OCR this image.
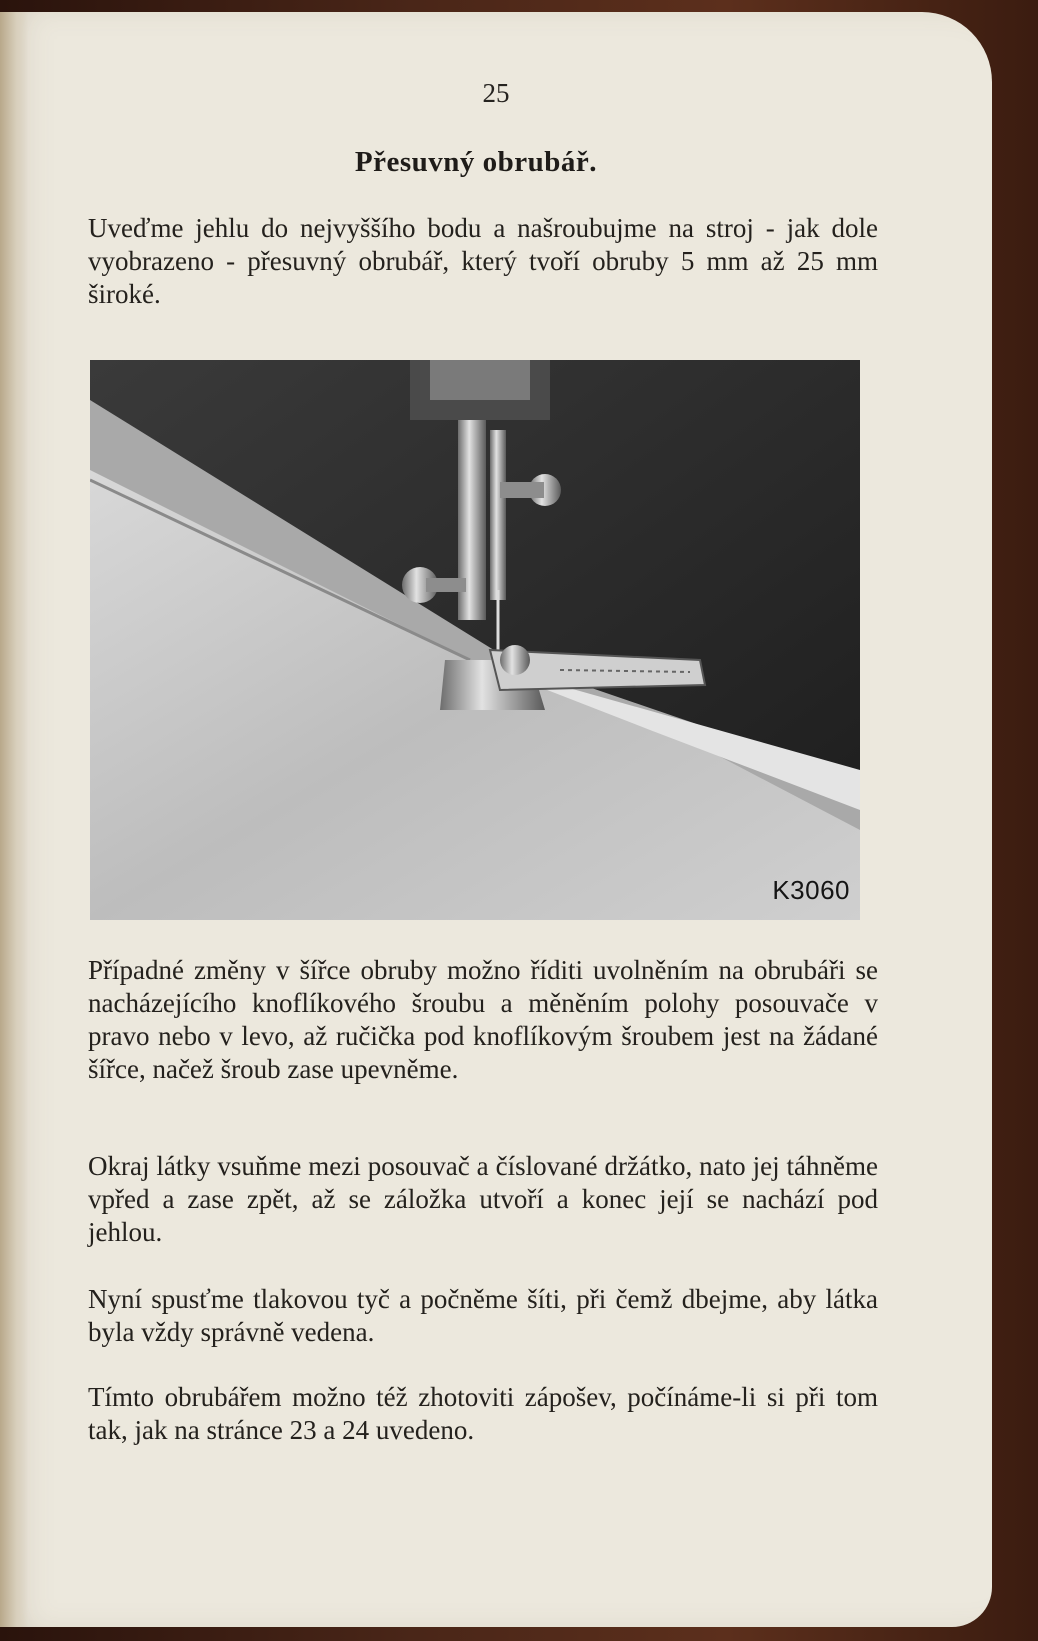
25
Přesuvný obrubář.

Uveďme jehlu do nejvyššího bodu a našroubujme na stroj - jak dole vyobrazeno - přesuvný obrubář, který tvoří obruby 5 mm až 25 mm široké.

K3060

Případné změny v šířce obruby možno říditi uvolněním na obrubáři se nacházejícího knoflíkového šroubu a měněním polohy posouvače v pravo nebo v levo, až ručička pod knoflíkovým šroubem jest na žádané šířce, načež šroub zase upevněme.

Okraj látky vsuňme mezi posouvač a číslované držátko, nato jej táhněme vpřed a zase zpět, až se záložka utvoří a konec její se nachází pod jehlou.

Nyní spusťme tlakovou tyč a počněme šíti, při čemž dbejme, aby látka byla vždy správně vedena.

Tímto obrubářem možno též zhotoviti zápošev, počínáme-li si při tom tak, jak na stránce 23 a 24 uvedeno.
